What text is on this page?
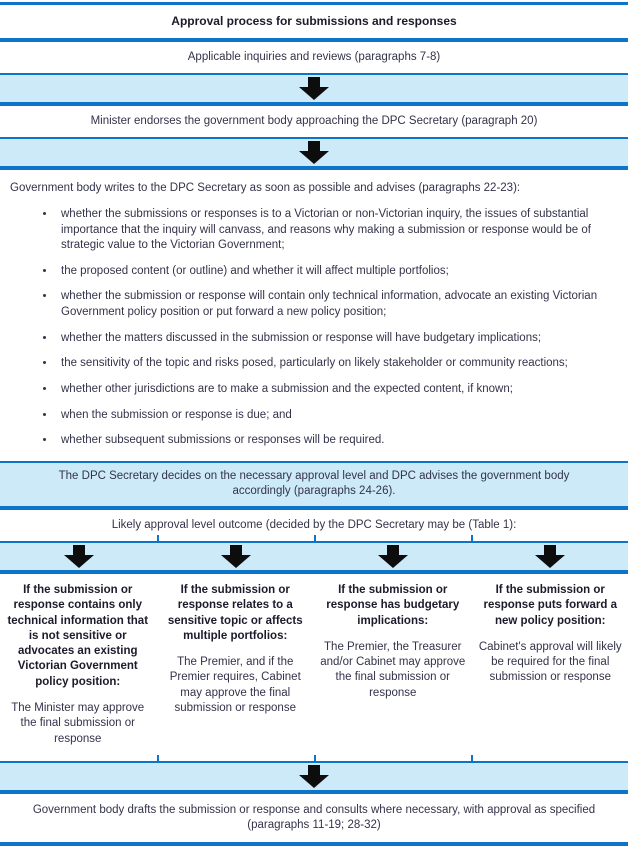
Approval process for submissions and responses
Applicable inquiries and reviews (paragraphs 7-8)
Minister endorses the government body approaching the DPC Secretary (paragraph 20)

Government body writes to the DPC Secretary as soon as possible and advises (paragraphs 22-23):

• whether the submissions or responses is to a Victorian or non-Victorian inquiry, the issues of substantial importance that the inquiry will canvass, and reasons why making a submission or response would be of strategic value to the Victorian Government;
• the proposed content (or outline) and whether it will affect multiple portfolios;
• whether the submission or response will contain only technical information, advocate an existing Victorian Government policy position or put forward a new policy position;
• whether the matters discussed in the submission or response will have budgetary implications;
• the sensitivity of the topic and risks posed, particularly on likely stakeholder or community reactions;
• whether other jurisdictions are to make a submission and the expected content, if known;
• when the submission or response is due; and
• whether subsequent submissions or responses will be required.
The DPC Secretary decides on the necessary approval level and DPC advises the government body accordingly (paragraphs 24-26).
Likely approval level outcome (decided by the DPC Secretary may be (Table 1):

If the submission or response contains only technical information that is not sensitive or advocates an existing Victorian Government policy position:

The Minister may approve the final submission or response

If the submission or response relates to a sensitive topic or affects multiple portfolios:

The Premier, and if the Premier requires, Cabinet may approve the final submission or response

If the submission or response has budgetary implications:

The Premier, the Treasurer and/or Cabinet may approve the final submission or response

If the submission or response puts forward a new policy position:

Cabinet's approval will likely be required for the final submission or response

Government body drafts the submission or response and consults where necessary, with approval as specified (paragraphs 11-19; 28-32)
